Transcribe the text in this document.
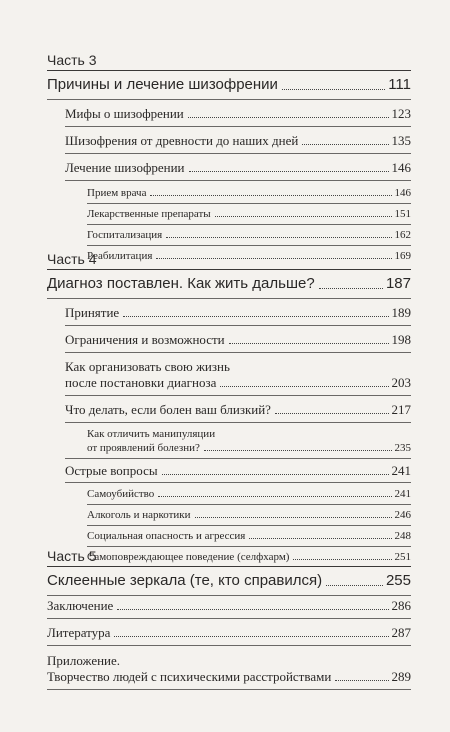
Часть 3
Причины и лечение шизофрении	111
Мифы о шизофрении	123
Шизофрения от древности до наших дней	135
Лечение шизофрении	146
Прием врача	146
Лекарственные препараты	151
Госпитализация	162
Реабилитация	169
Часть 4
Диагноз поставлен. Как жить дальше?	187
Принятие	189
Ограничения и возможности	198
Как организовать свою жизнь
после постановки диагноза	203
Что делать, если болен ваш близкий?	217
Как отличить манипуляции
от проявлений болезни?	235
Острые вопросы	241
Самоубийство	241
Алкоголь и наркотики	246
Социальная опасность и агрессия	248
Самоповреждающее поведение (селфхарм)	251
Часть 5
Склеенные зеркала (те, кто справился)	255
Заключение	286
Литература	287
Приложение.
Творчество людей с психическими расстройствами	289
